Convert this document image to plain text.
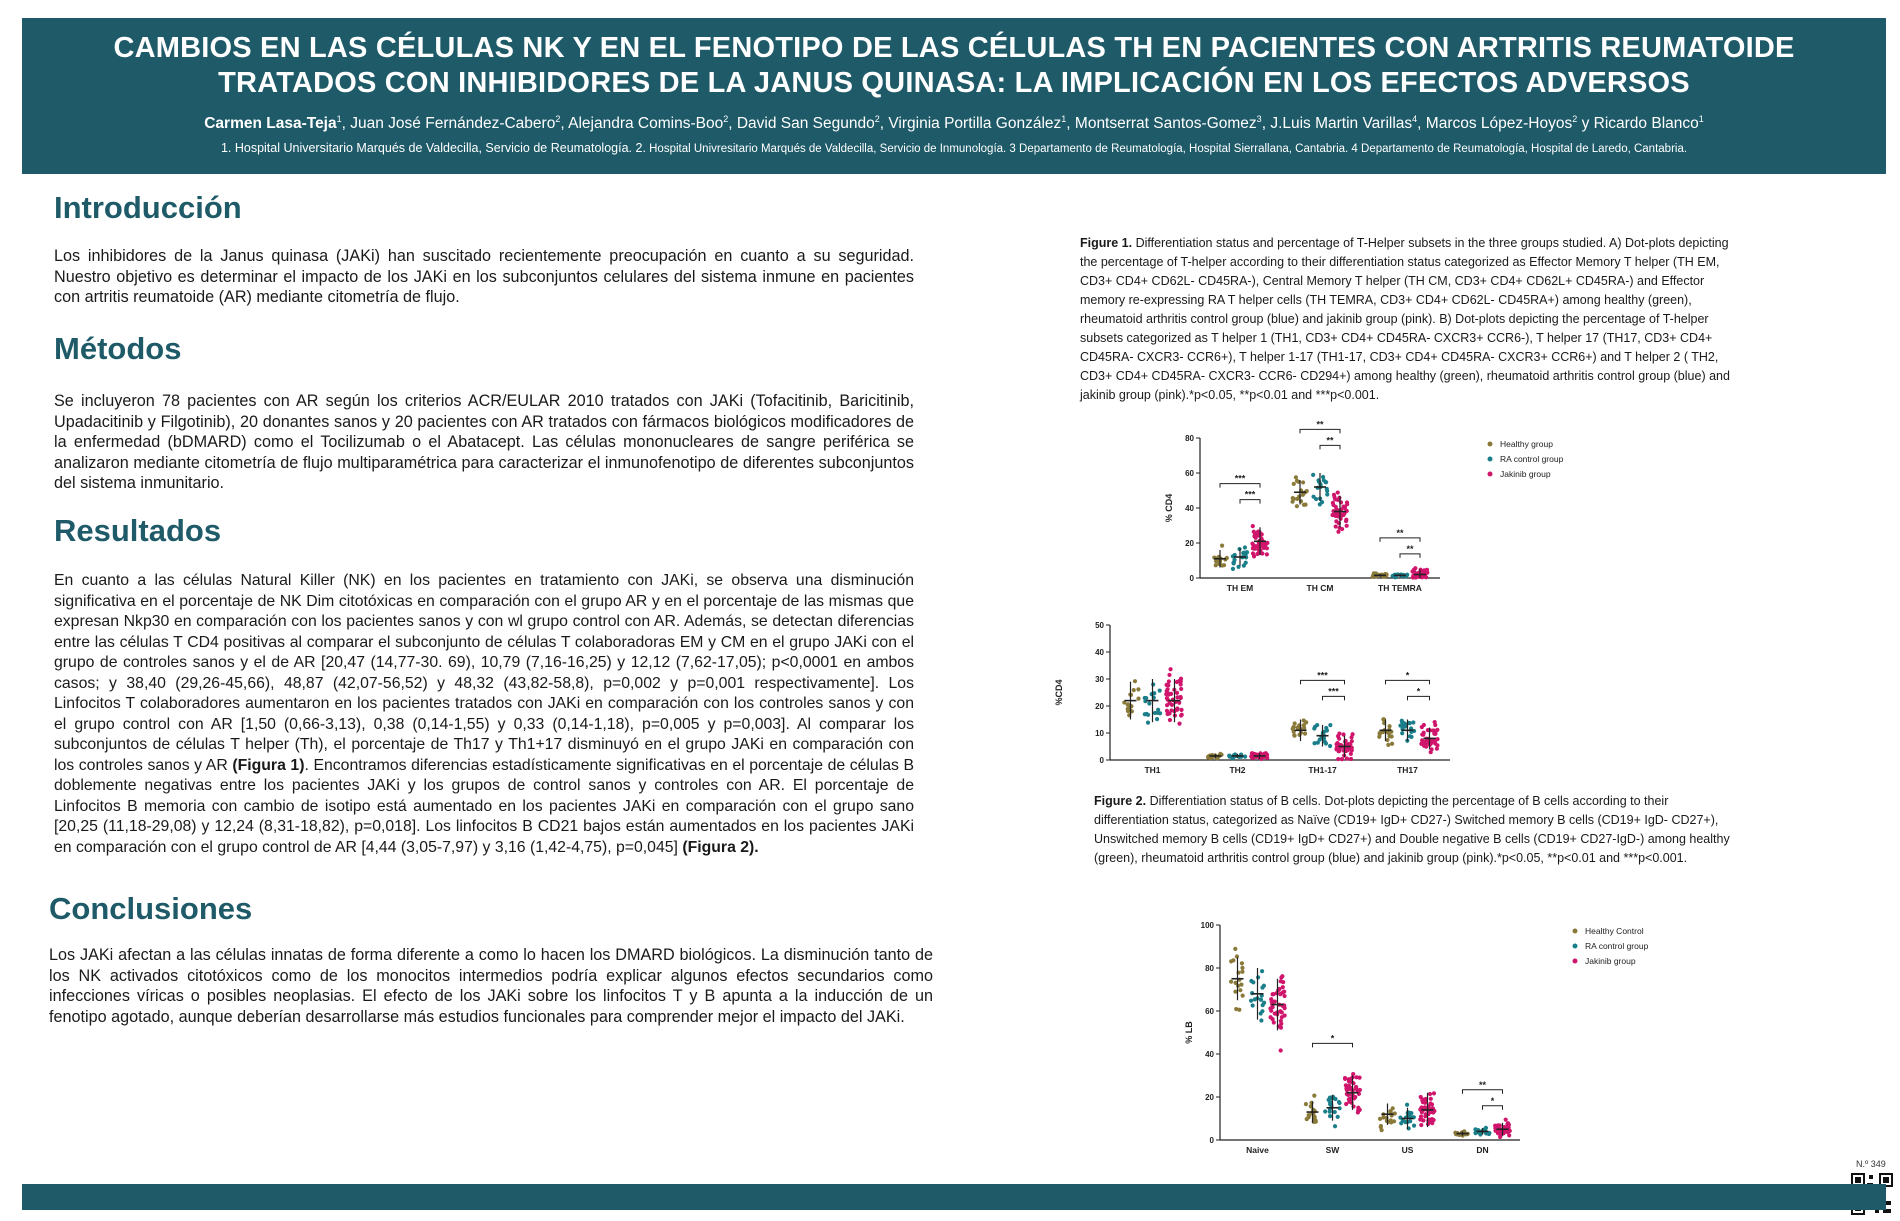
CAMBIOS EN LAS CÉLULAS NK Y EN EL FENOTIPO DE LAS CÉLULAS TH EN PACIENTES CON ARTRITIS REUMATOIDE
TRATADOS CON INHIBIDORES DE LA JANUS QUINASA: LA IMPLICACIÓN EN LOS EFECTOS ADVERSOS
Carmen Lasa-Teja$^1$, Juan José Fernández-Cabero$^2$, Alejandra Comins-Boo$^2$, David San Segundo$^2$, Virginia Portilla González$^1$, Montserrat Santos-Gomez$^3$, J.Luis Martin Varillas$^4$, Marcos López-Hoyos$^2$ y Ricardo Blanco$^1$
1. Hospital Universitario Marqués de Valdecilla, Servicio de Reumatología. 2. Hospital Univresitario Marqués de Valdecilla, Servicio de Inmunología. 3 Departamento de Reumatología, Hospital Sierrallana, Cantabria. 4 Departamento de Reumatología, Hospital de Laredo, Cantabria.
Introducción
Los inhibidores de la Janus quinasa (JAKi) han suscitado recientemente preocupación en cuanto a su seguridad. Nuestro objetivo es determinar el impacto de los JAKi en los subconjuntos celulares del sistema inmune en pacientes con artritis reumatoide (AR) mediante citometría de flujo.
Métodos
Se incluyeron 78 pacientes con AR según los criterios ACR/EULAR 2010 tratados con JAKi (Tofacitinib, Baricitinib, Upadacitinib y Filgotinib), 20 donantes sanos y 20 pacientes con AR tratados con fármacos biológicos modificadores de la enfermedad (bDMARD) como el Tocilizumab o el Abatacept. Las células mononucleares de sangre periférica se analizaron mediante citometría de flujo multiparamétrica para caracterizar el inmunofenotipo de diferentes subconjuntos del sistema inmunitario.
Resultados
En cuanto a las células Natural Killer (NK) en los pacientes en tratamiento con JAKi, se observa una disminución significativa en el porcentaje de NK Dim citotóxicas en comparación con el grupo AR y en el porcentaje de las mismas que expresan Nkp30 en comparación con los pacientes sanos y con wl grupo control con AR. Además, se detectan diferencias entre las células T CD4 positivas al comparar el subconjunto de células T colaboradoras EM y CM en el grupo JAKi con el grupo de controles sanos y el de AR [20,47 (14,77-30. 69), 10,79 (7,16-16,25) y 12,12 (7,62-17,05); p<0,0001 en ambos casos; y 38,40 (29,26-45,66), 48,87 (42,07-56,52) y 48,32 (43,82-58,8), p=0,002 y p=0,001 respectivamente]. Los Linfocitos T colaboradores aumentaron en los pacientes tratados con JAKi en comparación con los controles sanos y con el grupo control con AR [1,50 (0,66-3,13), 0,38 (0,14-1,55) y 0,33 (0,14-1,18), p=0,005 y p=0,003]. Al comparar los subconjuntos de células T helper (Th), el porcentaje de Th17 y Th1+17 disminuyó en el grupo JAKi en comparación con los controles sanos y AR (Figura 1). Encontramos diferencias estadísticamente significativas en el porcentaje de células B doblemente negativas entre los pacientes JAKi y los grupos de control sanos y controles con AR. El porcentaje de Linfocitos B memoria con cambio de isotipo está aumentado en los pacientes JAKi en comparación con el grupo sano [20,25 (11,18-29,08) y 12,24 (8,31-18,82), p=0,018]. Los linfocitos B CD21 bajos están aumentados en los pacientes JAKi en comparación con el grupo control de AR [4,44 (3,05-7,97) y 3,16 (1,42-4,75), p=0,045] (Figura 2).
Conclusiones
Los JAKi afectan a las células innatas de forma diferente a como lo hacen los DMARD biológicos. La disminución tanto de los NK activados citotóxicos como de los monocitos intermedios podría explicar algunos efectos secundarios como infecciones víricas o posibles neoplasias. El efecto de los JAKi sobre los linfocitos T y B apunta a la inducción de un fenotipo agotado, aunque deberían desarrollarse más estudios funcionales para comprender mejor el impacto del JAKi.
Figure 1. Differentiation status and percentage of T-Helper subsets in the three groups studied. A) Dot-plots depicting the percentage of T-helper according to their differentiation status categorized as Effector Memory T helper (TH EM, CD3+ CD4+ CD62L- CD45RA-), Central Memory T helper (TH CM, CD3+ CD4+ CD62L+ CD45RA-) and Effector memory re-expressing RA T helper cells (TH TEMRA, CD3+ CD4+ CD62L- CD45RA+) among healthy (green), rheumatoid arthritis control group (blue) and jakinib group (pink). B) Dot-plots depicting the percentage of T-helper subsets categorized as T helper 1 (TH1, CD3+ CD4+ CD45RA- CXCR3+ CCR6-), T helper 17 (TH17, CD3+ CD4+ CD45RA- CXCR3- CCR6+), T helper 1-17 (TH1-17, CD3+ CD4+ CD45RA- CXCR3+ CCR6+) and T helper 2 ( TH2, CD3+ CD4+ CD45RA- CXCR3- CCR6- CD294+) among healthy (green), rheumatoid arthritis control group (blue) and jakinib group (pink).*p<0.05, **p<0.01 and ***p<0.001.
0
20
40
60
80
% CD4
TH EM
***
***
TH CM
**
**
TH TEMRA
**
**
Healthy group
RA control group
Jakinib group
0
10
20
30
40
50
%CD4
TH1	TH2	TH1-17
***
***
TH17
*
*
Figure 2. Differentiation status of B cells. Dot-plots depicting the percentage of B cells according to their differentiation status, categorized as Naïve (CD19+ IgD+ CD27-) Switched memory B cells (CD19+ IgD- CD27+), Unswitched memory B cells (CD19+ IgD+ CD27+) and Double negative B cells (CD19+ CD27-IgD-) among healthy (green), rheumatoid arthritis control group (blue) and jakinib group (pink).*p<0.05, **p<0.01 and ***p<0.001.
0
20
40
60
80
100
% LB
Naive	SW
*
US	DN
**
*
Healthy Control
RA control group
Jakinib group
N.º 349
